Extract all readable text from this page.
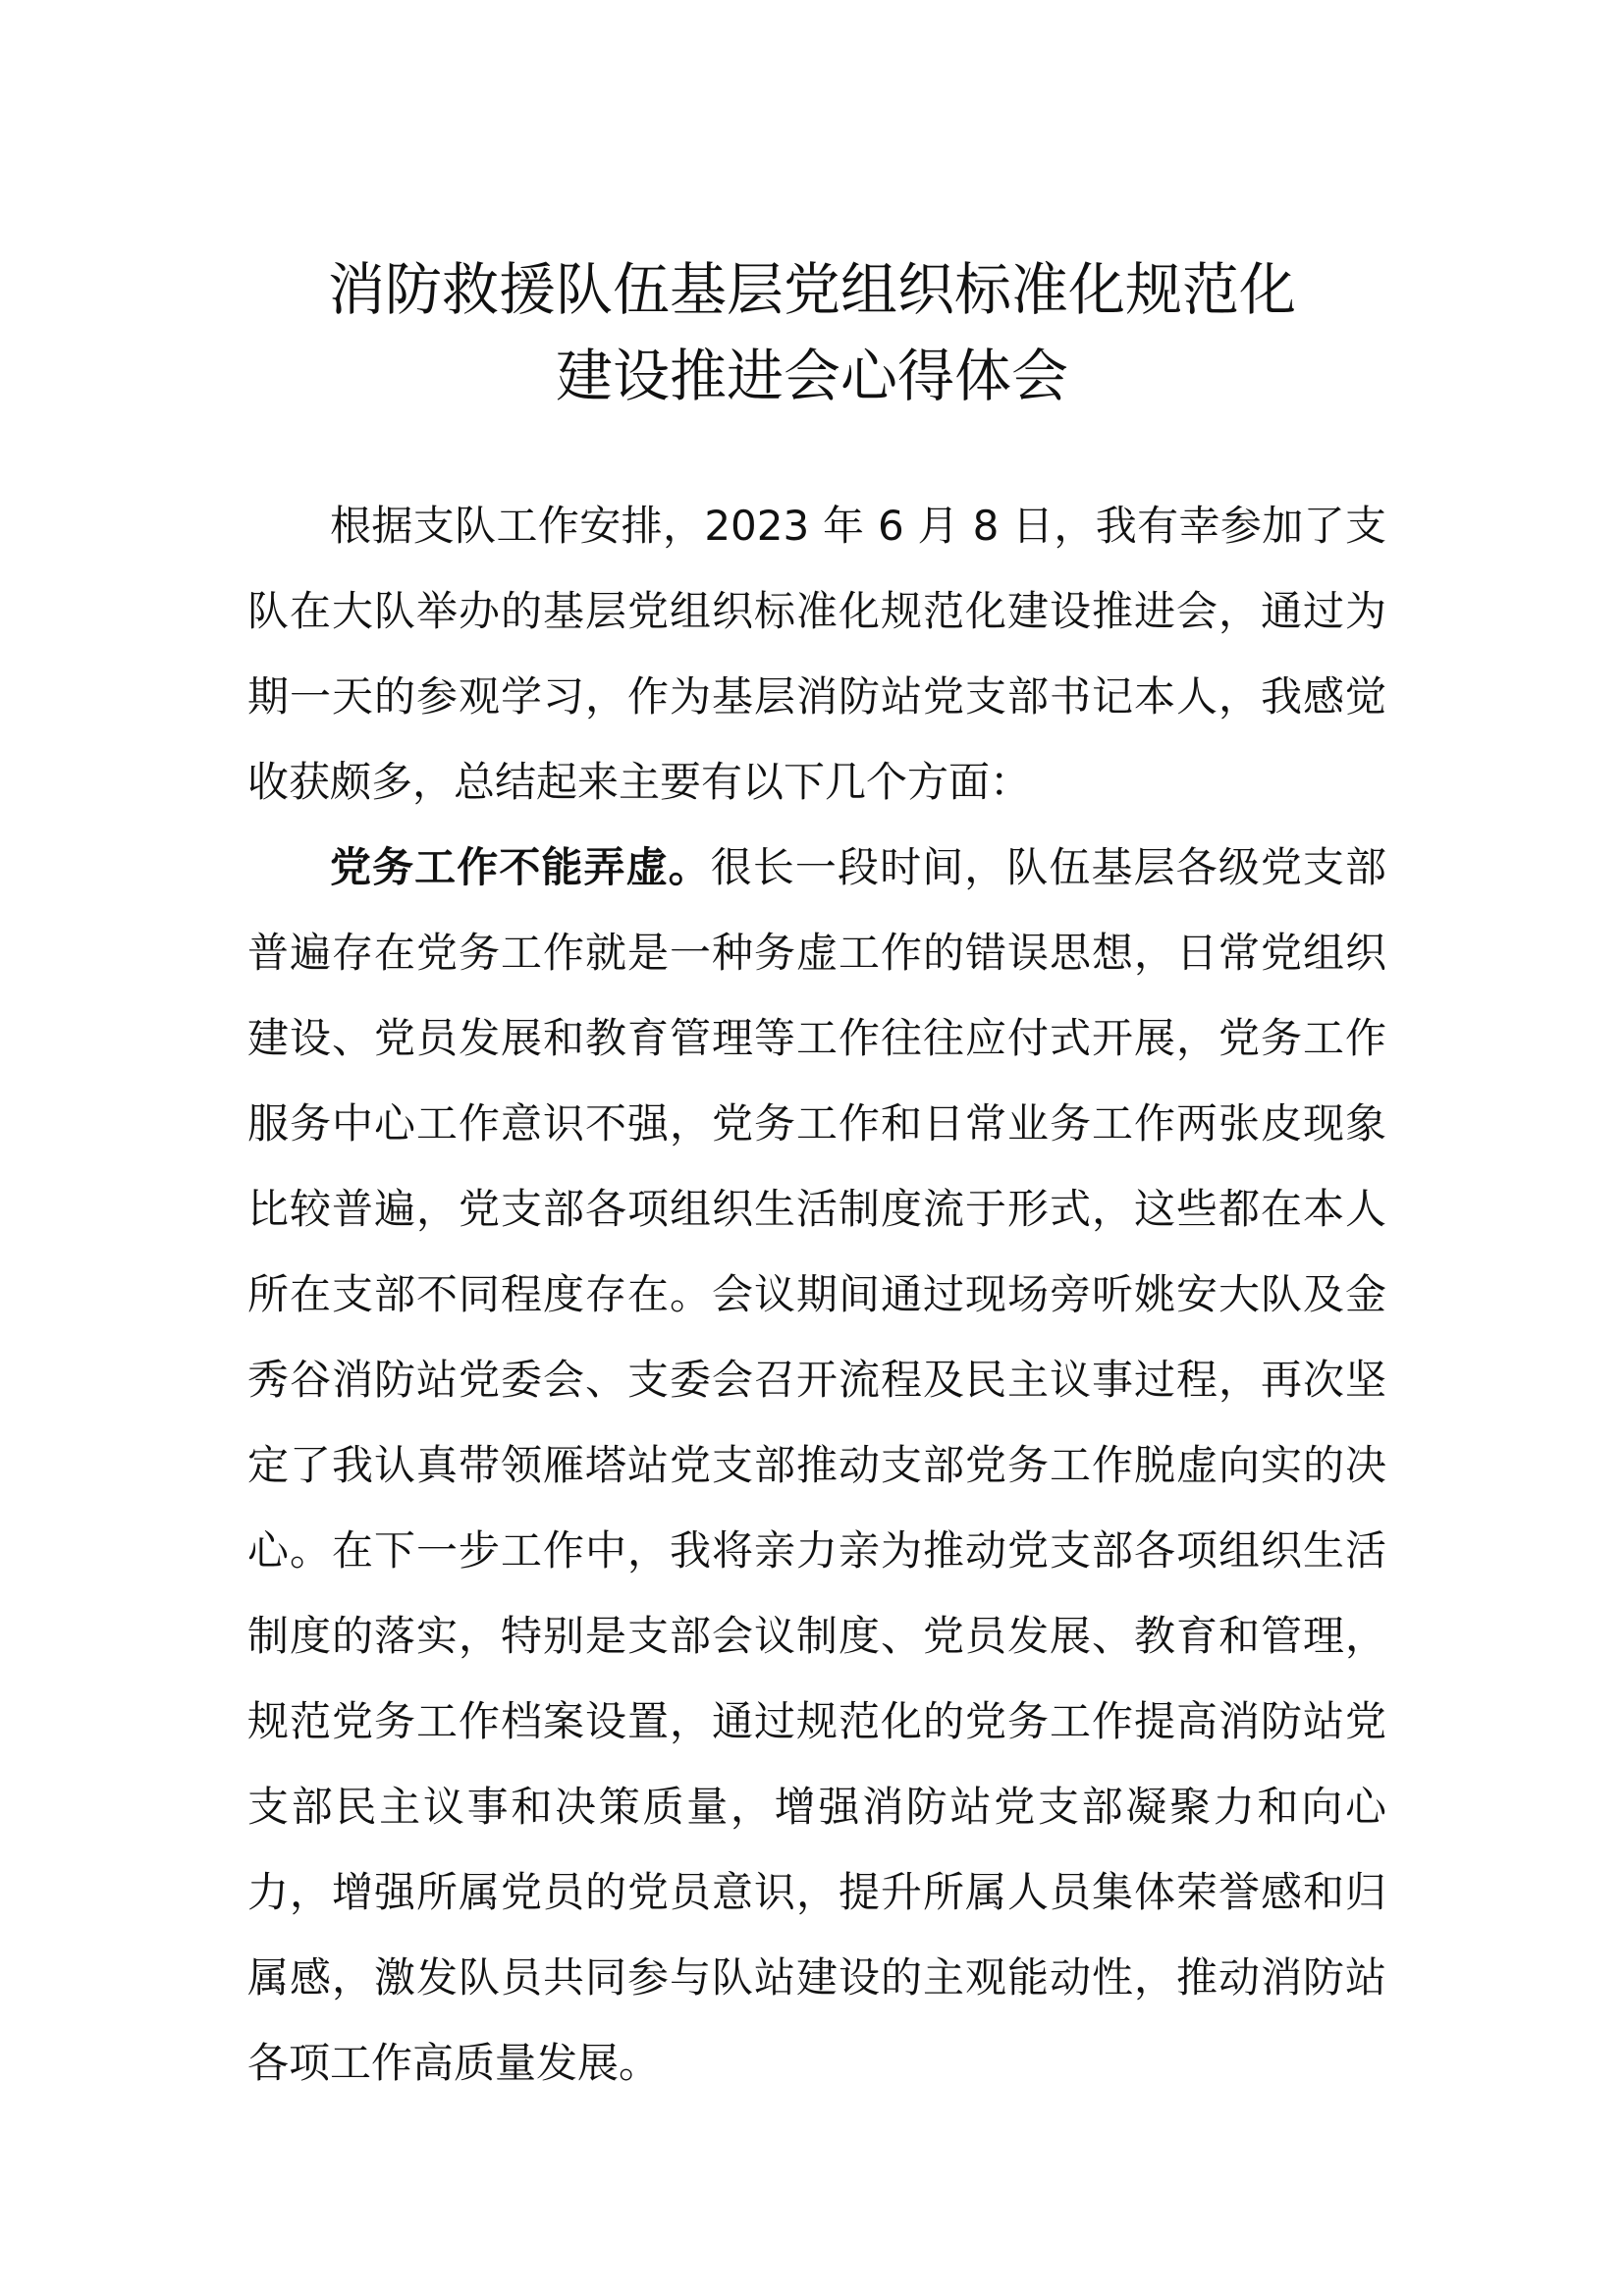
消防救援队伍基层党组织标准化规范化
建设推进会心得体会

根据支队工作安排，2023 年 6 月 8 日，我有幸参加了支队在大队举办的基层党组织标准化规范化建设推进会，通过为期一天的参观学习，作为基层消防站党支部书记本人，我感觉收获颇多，总结起来主要有以下几个方面：

党务工作不能弄虚。很长一段时间，队伍基层各级党支部普遍存在党务工作就是一种务虚工作的错误思想，日常党组织建设、党员发展和教育管理等工作往往应付式开展，党务工作服务中心工作意识不强，党务工作和日常业务工作两张皮现象比较普遍，党支部各项组织生活制度流于形式，这些都在本人所在支部不同程度存在。会议期间通过现场旁听姚安大队及金秀谷消防站党委会、支委会召开流程及民主议事过程，再次坚定了我认真带领雁塔站党支部推动支部党务工作脱虚向实的决心。在下一步工作中，我将亲力亲为推动党支部各项组织生活制度的落实，特别是支部会议制度、党员发展、教育和管理，规范党务工作档案设置，通过规范化的党务工作提高消防站党支部民主议事和决策质量，增强消防站党支部凝聚力和向心力，增强所属党员的党员意识，提升所属人员集体荣誉感和归属感，激发队员共同参与队站建设的主观能动性，推动消防站各项工作高质量发展。
